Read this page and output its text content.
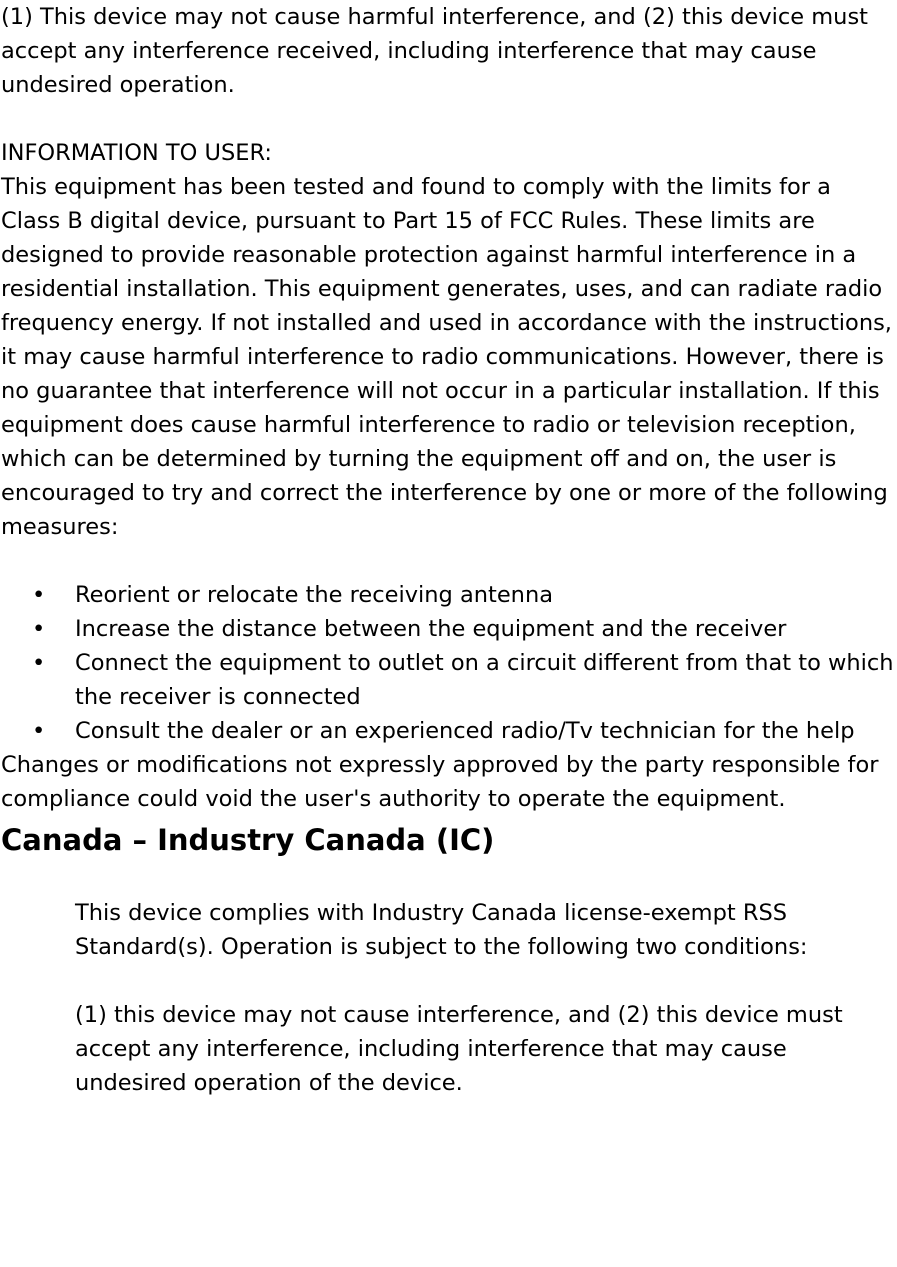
(1) This device may not cause harmful interference, and (2) this device must accept any interference received, including interference that may cause undesired operation.

INFORMATION TO USER:

This equipment has been tested and found to comply with the limits for a Class B digital device, pursuant to Part 15 of FCC Rules. These limits are designed to provide reasonable protection against harmful interference in a residential installation. This equipment generates, uses, and can radiate radio frequency energy. If not installed and used in accordance with the instructions, it may cause harmful interference to radio communications. However, there is no guarantee that interference will not occur in a particular installation. If this equipment does cause harmful interference to radio or television reception, which can be determined by turning the equipment off and on, the user is encouraged to try and correct the interference by one or more of the following measures:

• Reorient or relocate the receiving antenna
• Increase the distance between the equipment and the receiver
• Connect the equipment to outlet on a circuit different from that to which the receiver is connected
• Consult the dealer or an experienced radio/Tv technician for the help

Changes or modifications not expressly approved by the party responsible for compliance could void the user's authority to operate the equipment.

Canada – Industry Canada (IC)

This device complies with Industry Canada license-exempt RSS Standard(s). Operation is subject to the following two conditions:

(1) this device may not cause interference, and (2) this device must accept any interference, including interference that may cause undesired operation of the device.
